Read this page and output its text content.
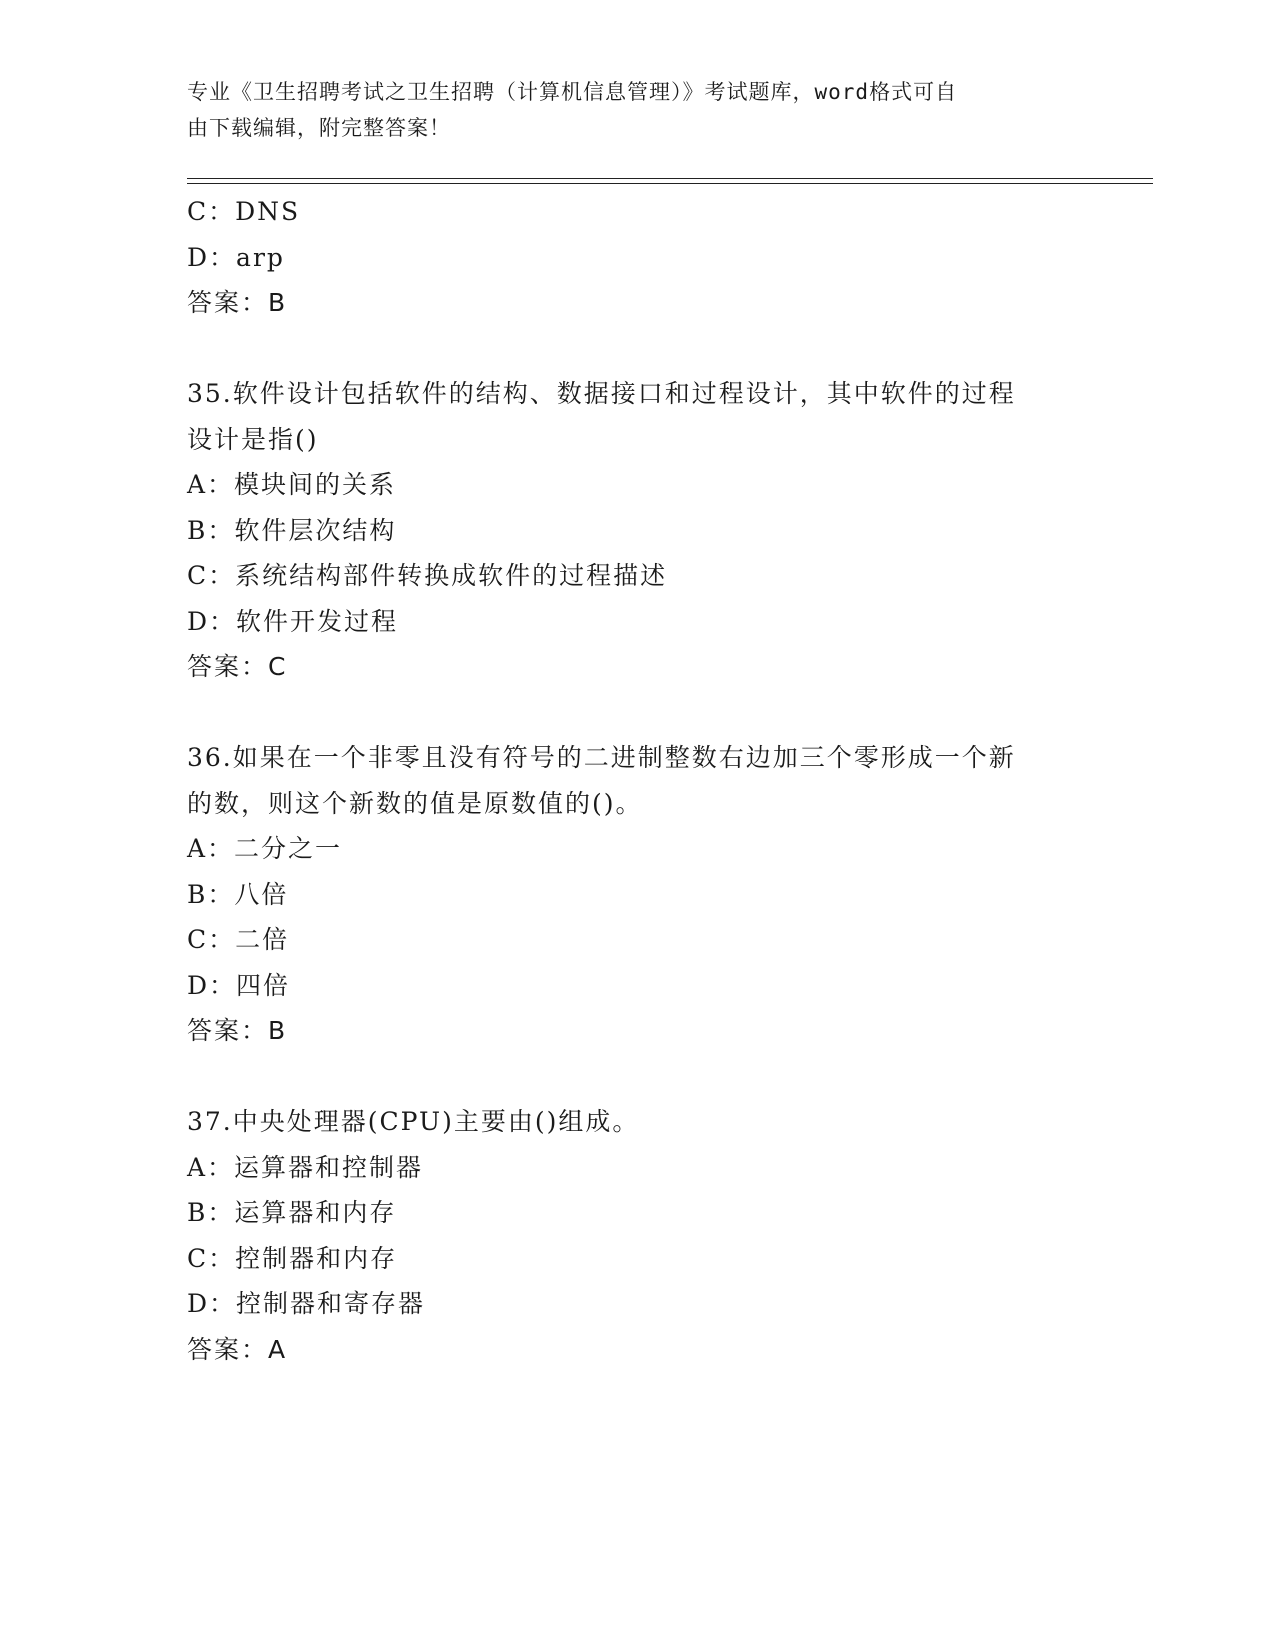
专业《卫生招聘考试之卫生招聘（计算机信息管理）》考试题库，word格式可自
由下载编辑，附完整答案！
C：DNS
D：arp
答案：B
35.软件设计包括软件的结构、数据接口和过程设计，其中软件的过程
设计是指()
A：模块间的关系
B：软件层次结构
C：系统结构部件转换成软件的过程描述
D：软件开发过程
答案：C
36.如果在一个非零且没有符号的二进制整数右边加三个零形成一个新
的数，则这个新数的值是原数值的()。
A：二分之一
B：八倍
C：二倍
D：四倍
答案：B
37.中央处理器(CPU)主要由()组成。
A：运算器和控制器
B：运算器和内存
C：控制器和内存
D：控制器和寄存器
答案：A
